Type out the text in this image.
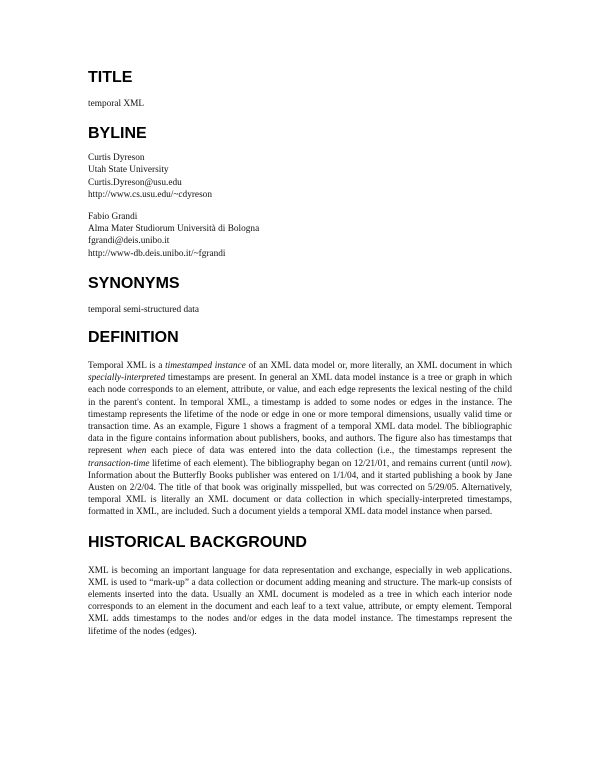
TITLE
temporal XML
BYLINE
Curtis Dyreson
Utah State University
Curtis.Dyreson@usu.edu
http://www.cs.usu.edu/~cdyreson
Fabio Grandi
Alma Mater Studiorum Università di Bologna
fgrandi@deis.unibo.it
http://www-db.deis.unibo.it/~fgrandi
SYNONYMS
temporal semi-structured data
DEFINITION
Temporal XML is a timestamped instance of an XML data model or, more literally, an XML document in which specially-interpreted timestamps are present. In general an XML data model instance is a tree or graph in which each node corresponds to an element, attribute, or value, and each edge represents the lexical nesting of the child in the parent's content. In temporal XML, a timestamp is added to some nodes or edges in the instance. The timestamp represents the lifetime of the node or edge in one or more temporal dimensions, usually valid time or transaction time. As an example, Figure 1 shows a fragment of a temporal XML data model. The bibliographic data in the figure contains information about publishers, books, and authors. The figure also has timestamps that represent when each piece of data was entered into the data collection (i.e., the timestamps represent the transaction-time lifetime of each element). The bibliography began on 12/21/01, and remains current (until now). Information about the Butterfly Books publisher was entered on 1/1/04, and it started publishing a book by Jane Austen on 2/2/04. The title of that book was originally misspelled, but was corrected on 5/29/05. Alternatively, temporal XML is literally an XML document or data collection in which specially-interpreted timestamps, formatted in XML, are included. Such a document yields a temporal XML data model instance when parsed.
HISTORICAL BACKGROUND
XML is becoming an important language for data representation and exchange, especially in web applications. XML is used to “mark-up” a data collection or document adding meaning and structure. The mark-up consists of elements inserted into the data. Usually an XML document is modeled as a tree in which each interior node corresponds to an element in the document and each leaf to a text value, attribute, or empty element. Temporal XML adds timestamps to the nodes and/or edges in the data model instance. The timestamps represent the lifetime of the nodes (edges).
